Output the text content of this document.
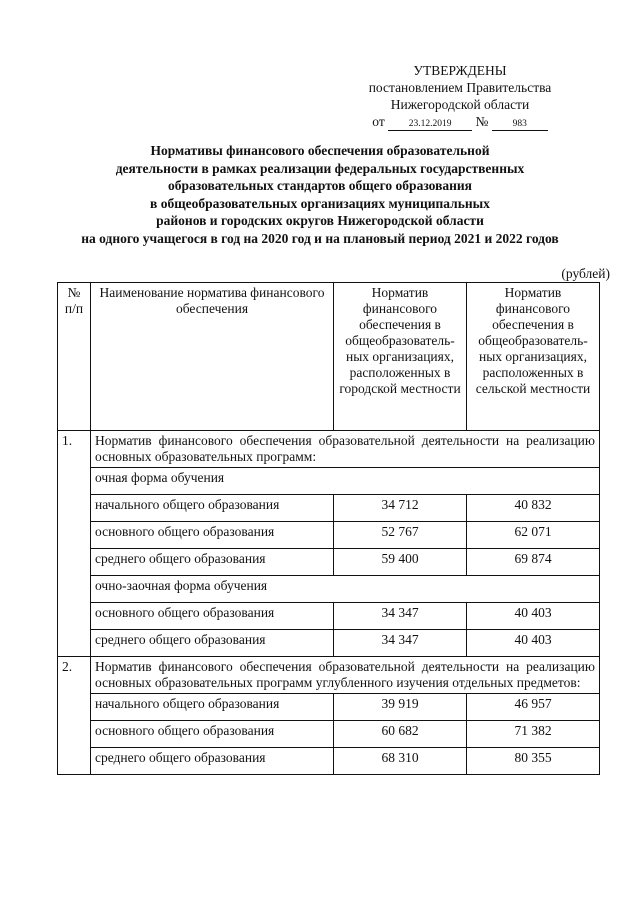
УТВЕРЖДЕНЫ
постановлением Правительства
Нижегородской области
от	23.12.2019 №	983
Нормативы финансового обеспечения образовательной
деятельности в рамках реализации федеральных государственных
образовательных стандартов общего образования
в общеобразовательных организациях муниципальных
районов и городских округов Нижегородской области
на одного учащегося в год на 2020 год и на плановый период 2021 и 2022 годов
(рублей)
№ п/п	Наименование норматива финансового обеспечения	Норматив финансового обеспечения в общеобразователь-ных организациях, расположенных в городской местности	Норматив финансового обеспечения в общеобразователь-ных организациях, расположенных в сельской местности
1.	Норматив финансового обеспечения образовательной деятельности на реализацию основных образовательных программ:		
	очная форма обучения		
	начального общего образования	34 712	40 832
	основного общего образования	52 767	62 071
	среднего общего образования	59 400	69 874
	очно-заочная форма обучения		
	основного общего образования	34 347	40 403
	среднего общего образования	34 347	40 403
2.	Норматив финансового обеспечения образовательной деятельности на реализацию основных образовательных программ углубленного изучения отдельных предметов:		
	начального общего образования	39 919	46 957
	основного общего образования	60 682	71 382
	среднего общего образования	68 310	80 355
